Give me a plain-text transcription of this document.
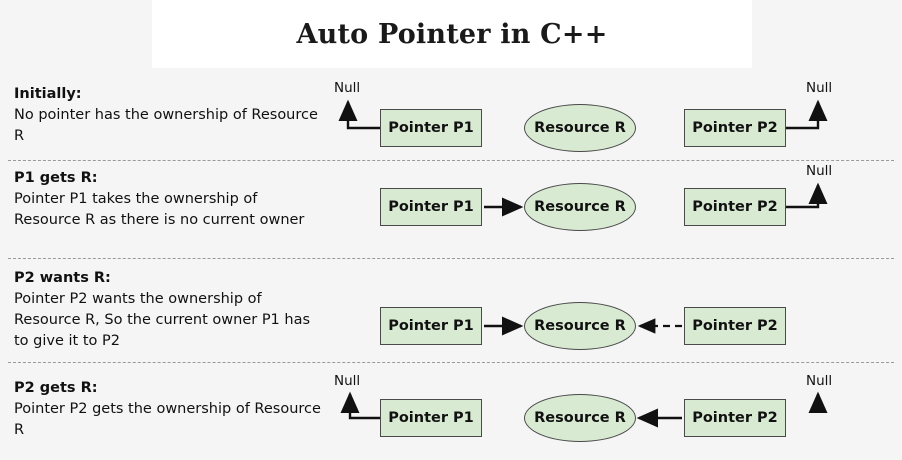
Auto Pointer in C++
Initially:
No pointer has the ownership of Resource R
Null
Pointer P1	Resource R	Pointer P2
Null
P1 gets R:
Pointer P1 takes the ownership of Resource R as there is no current owner
Pointer P1	Resource R	Pointer P2
Null
P2 wants R:
Pointer P2 wants the ownership of Resource R, So the current owner P1 has to give it to P2
Pointer P1	Resource R	Pointer P2
P2 gets R:
Pointer P2 gets the ownership of Resource R
Null
Pointer P1	Resource R	Pointer P2
Null
